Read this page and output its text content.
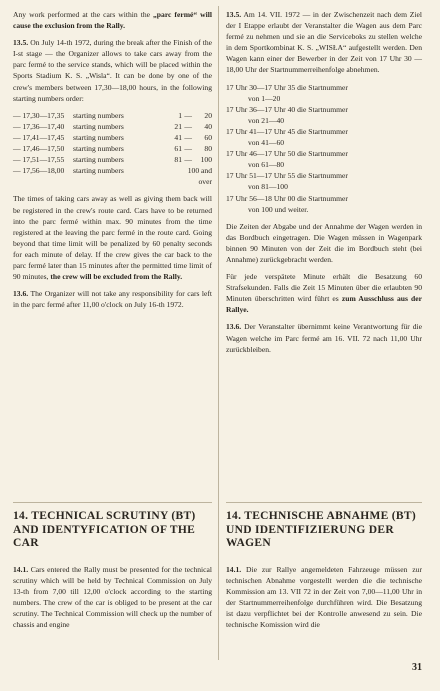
Any work performed at the cars within the „parc fermé“ will cause the exclusion from the Rally.

13.5. On July 14-th 1972, during the break after the Finish of the I-st stage — the Organizer allows to take cars away from the parc fermé to the service stands, which will be placed within the Sports Stadium K. S. „Wisla“. It can be done by one of the crew's members between 17,30—18,00 hours, in the following starting numbers order:

— 17,30—17,35	starting numbers	1 —	20
— 17,36—17,40	starting numbers	21 —	40
— 17,41—17,45	starting numbers	41 —	60
— 17,46—17,50	starting numbers	61 —	80
— 17,51—17,55	starting numbers	81 —	100
— 17,56—18,00	starting numbers	100 and
over

The times of taking cars away as well as giving them back will be registered in the crew's route card. Cars have to be returned into the parc fermé within max. 90 minutes from the time registered at the leaving the parc fermé in the route card. Going beyond that time limit will be penalized by 60 penalty seconds for each minute of delay. If the crew gives the car back to the parc fermé later than 15 minutes after the permitted time limit of 90 minutes, the crew will be excluded from the Rally.

13.6. The Organizer will not take any responsibility for cars left in the parc fermé after 11,00 o'clock on July 16-th 1972.

13.5. Am 14. VII. 1972 — in der Zwischenzeit nach dem Ziel der I Etappe erlaubt der Veranstalter die Wagen aus dem Parc fermé zu nehmen und sie an die Serviceboks zu stellen welche in dem Sportkombinat K. S. „WISŁA“ aufgestellt werden. Den Wagen kann einer der Bewerber in der Zeit von 17 Uhr 30 — 18,00 Uhr der Startnummerreihenfolge abnehmen.

17 Uhr 30—17 Uhr 35 die Startnummer
von 1—20
17 Uhr 36—17 Uhr 40 die Startnummer
von 21—40
17 Uhr 41—17 Uhr 45 die Startnummer
von 41—60
17 Uhr 46—17 Uhr 50 die Startnummer
von 61—80
17 Uhr 51—17 Uhr 55 die Startnummer
von 81—100
17 Uhr 56—18 Uhr 00 die Startnummer
von 100 und weiter.

Die Zeiten der Abgabe und der Annahme der Wagen werden in das Bordbuch eingetragen. Die Wagen müssen in Wagenpark binnen 90 Minuten von der Zeit die im Bordbuch steht (bei Annahme) zurückgebracht werden.

Für jede verspätete Minute erhält die Besatzung 60 Strafsekunden. Falls die Zeit 15 Minuten über die erlaubten 90 Minuten überschritten wird führt es zum Ausschluss aus der Rallye.

13.6. Der Veranstalter übernimmt keine Verantwortung für die Wagen welche im Parc fermé am 16. VII. 72 nach 11,00 Uhr zurückbleiben.

14. TECHNICAL SCRUTINY (BT) AND IDENTYFICATION OF THE CAR
14. TECHNISCHE ABNAHME (BT) UND IDENTIFIZIERUNG DER WAGEN

14.1. Cars entered the Rally must be presented for the technical scrutiny which will be held by Technical Commission on July 13-th from 7,00 till 12,00 o'clock according to the starting numbers. The crew of the car is obliged to be present at the car scrutiny. The Technical Commission will check up the number of chassis and engine

14.1. Die zur Rallye angemeldeten Fahrzeuge müssen zur technischen Abnahme vorgestellt werden die die technische Kommission am 13. VII 72 in der Zeit von 7,00—11,00 Uhr in der Startnummerreihenfolge durchführen wird. Die Besatzung ist dazu verpflichtet bei der Kontrolle anwesend zu sein. Die technische Komission wird die

31
